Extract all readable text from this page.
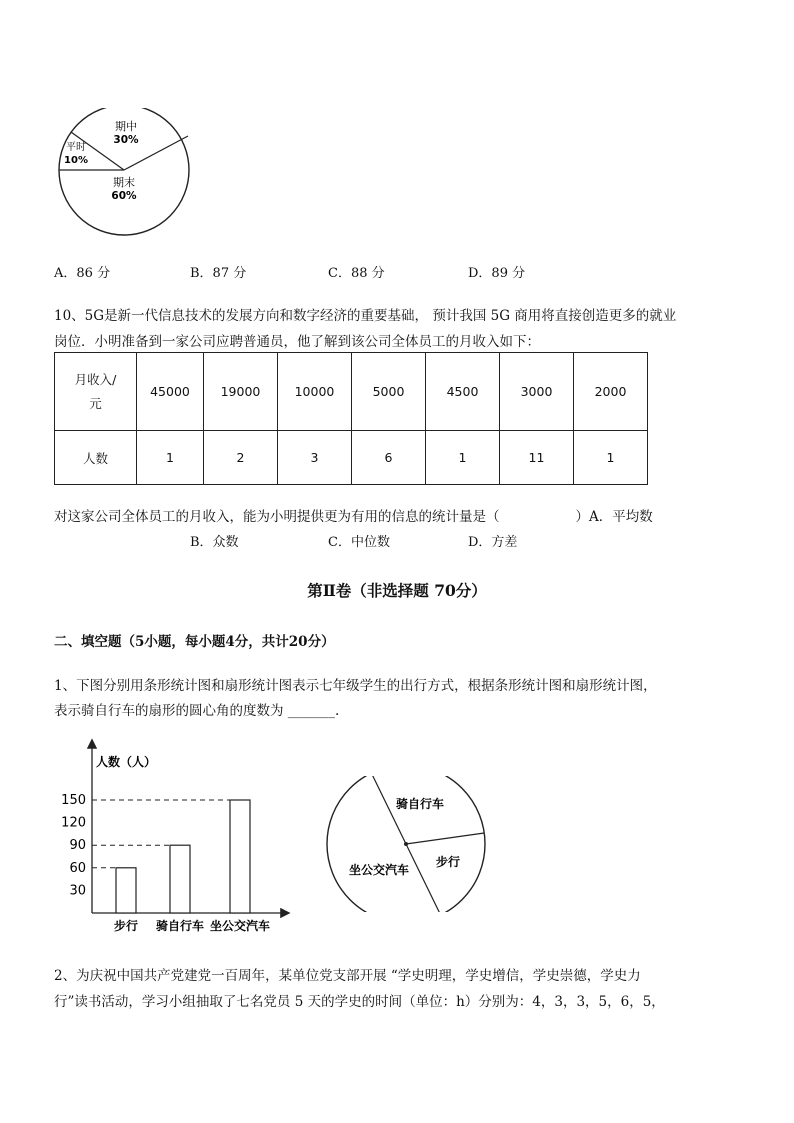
期中
30%
平时
10%
期末
60%
A．86 分	B．87 分	C．88 分	D．89 分
10、5G是新一代信息技术的发展方向和数字经济的重要基础， 预计我国 5G 商用将直接创造更多的就业
岗位．小明准备到一家公司应聘普通员，他了解到该公司全体员工的月收入如下：
月收入/
元	45000	19000	10000	5000	4500	3000	2000
人数	1	2	3	6	1	11	1
对这家公司全体员工的月收入，能为小明提供更为有用的信息的统计量是（	）A．平均数
B．众数	C．中位数	D．方差
第Ⅱ卷（非选择题 70分）
二、填空题（5小题，每小题4分，共计20分）
1、下图分别用条形统计图和扇形统计图表示七年级学生的出行方式，根据条形统计图和扇形统计图，
表示骑自行车的扇形的圆心角的度数为 _______.
人数（人）
150
120
90
60
30
步行 骑自行车 坐公交汽车
骑自行车
步行
坐公交汽车
2、为庆祝中国共产党建党一百周年，某单位党支部开展 “学史明理，学史增信，学史崇德，学史力
行”读书活动，学习小组抽取了七名党员 5 天的学史的时间（单位：h）分别为：4，3，3，5，6，5，
